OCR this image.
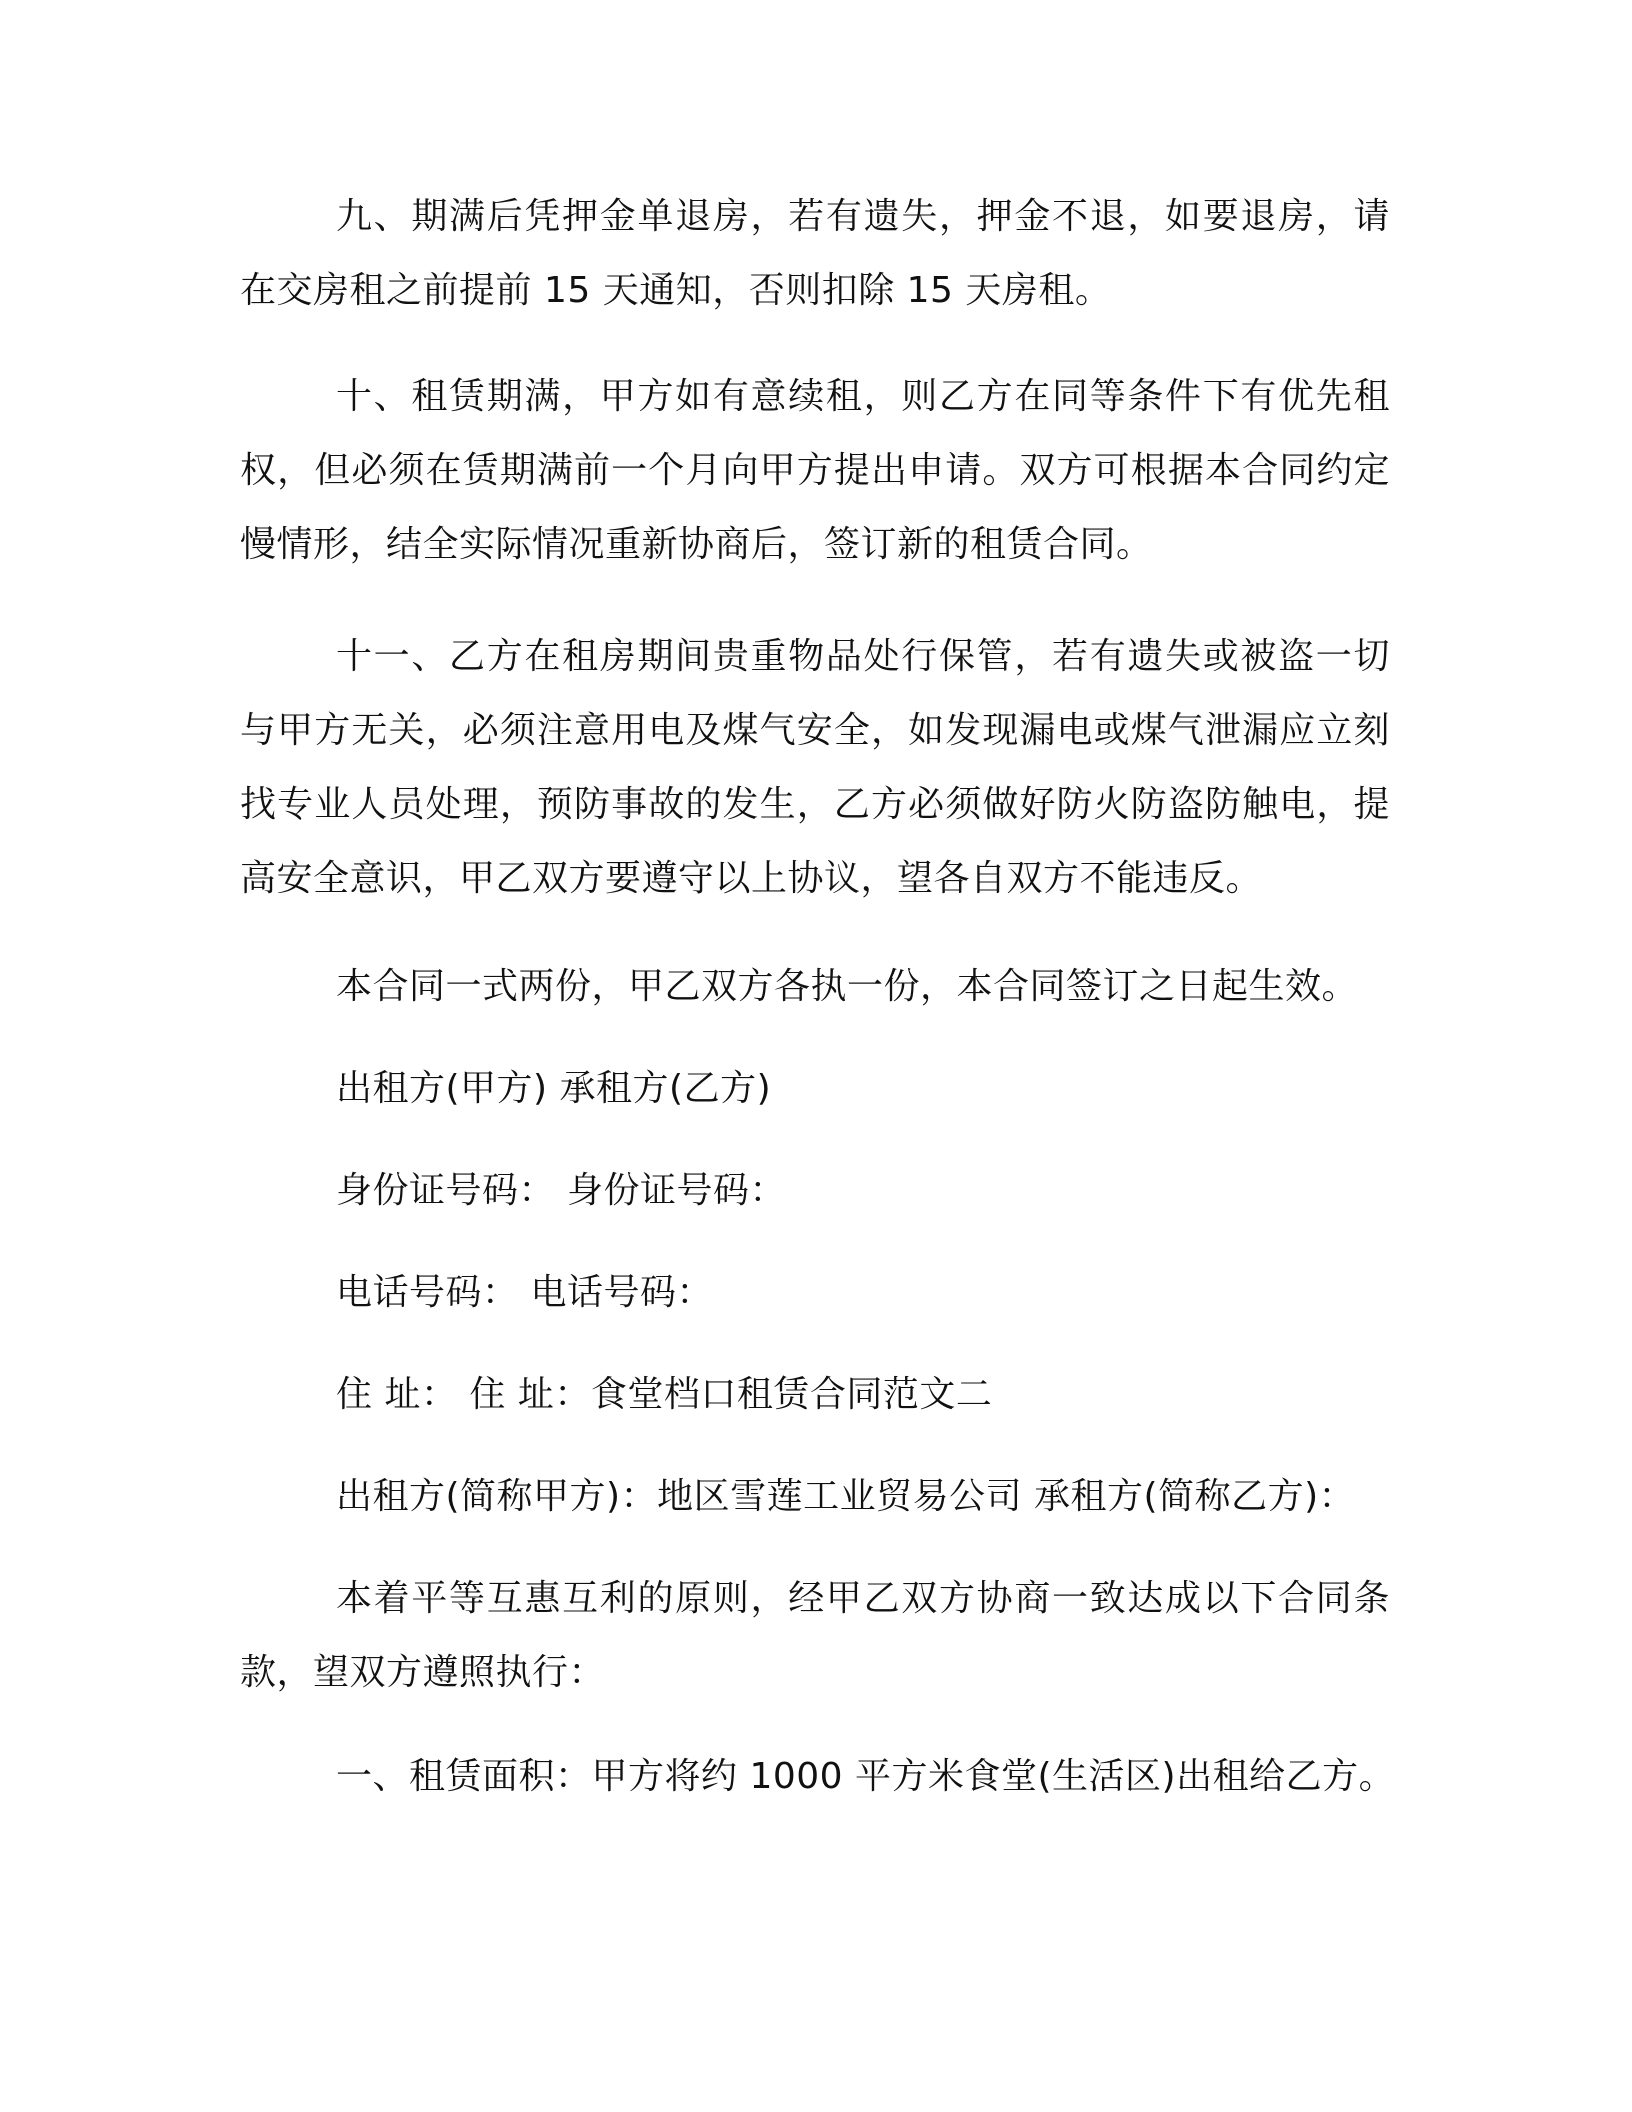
九、期满后凭押金单退房，若有遗失，押金不退，如要退房，请在交房租之前提前 15 天通知，否则扣除 15 天房租。

十、租赁期满，甲方如有意续租，则乙方在同等条件下有优先租权，但必须在赁期满前一个月向甲方提出申请。双方可根据本合同约定慢情形，结全实际情况重新协商后，签订新的租赁合同。

十一、乙方在租房期间贵重物品处行保管，若有遗失或被盗一切与甲方无关，必须注意用电及煤气安全，如发现漏电或煤气泄漏应立刻找专业人员处理，预防事故的发生，乙方必须做好防火防盗防触电，提高安全意识，甲乙双方要遵守以上协议，望各自双方不能违反。

本合同一式两份，甲乙双方各执一份，本合同签订之日起生效。

出租方(甲方) 承租方(乙方)

身份证号码： 身份证号码：

电话号码： 电话号码：

住 址： 住 址：食堂档口租赁合同范文二

出租方(简称甲方)：地区雪莲工业贸易公司 承租方(简称乙方)：

本着平等互惠互利的原则，经甲乙双方协商一致达成以下合同条款，望双方遵照执行：

一、租赁面积：甲方将约 1000 平方米食堂(生活区)出租给乙方。
